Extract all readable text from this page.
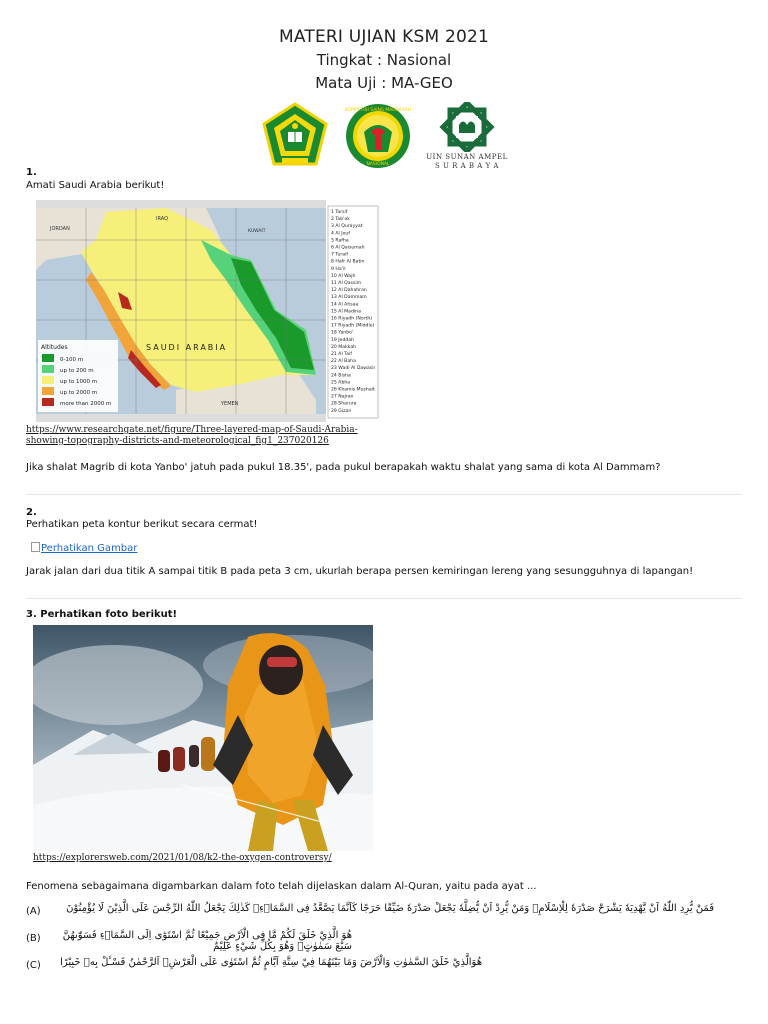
MATERI UJIAN KSM 2021
Tingkat : Nasional
Mata Uji : MA-GEO
KOMPETISI SAINS MADRASAH
NASIONAL
UIN SUNAN AMPEL
S U R A B A Y A
1.
Amati Saudi Arabia berikut!
SAUDI ARABIA
JORDAN
YEMEN
IRAQ
KUWAIT
Altitudes
0-100 m
up to 200 m
up to 1000 m
up to 2000 m
more than 2000 m
1 Tarsif
2 Tab'ak
3 Al Qurayyat
4 Al Jouf
5 Rafha
6 Al Qaisumah
7 Turaif
8 Hafr Al Batin
9 Ha'il
10 Al Wajh
11 Al Qassim
12 Al Dahahran
13 Al Dammam
14 Al Ahsaa
15 Al Madina
16 Riyadh (North)
17 Riyadh (Middle)
18 Yanbo'
19 Jeddah
20 Makkah
21 Al Taif
22 Al Baha
23 Wadi Al Dawasir
24 Bisha
25 Abha
26 Khamis Mushait
27 Najran
28 Sharura
29 Gizan
https://www.researchgate.net/figure/Three-layered-map-of-Saudi-Arabia-
showing-topography-districts-and-meteorological_fig1_237020126
Jika shalat Magrib di kota Yanbo' jatuh pada pukul 18.35', pada pukul berapakah waktu shalat yang sama di kota Al Dammam?
2.
Perhatikan peta kontur berikut secara cermat!
Perhatikan Gambar
Jarak jalan dari dua titik A sampai titik B pada peta 3 cm, ukurlah berapa persen kemiringan lereng yang sesungguhnya di lapangan!
3. Perhatikan foto berikut!
https://explorersweb.com/2021/01/08/k2-the-oxygen-controversy/
Fenomena sebagaimana digambarkan dalam foto telah dijelaskan dalam Al-Quran, yaitu pada ayat ...
(A)	فَمَنْ يُّرِدِ اللّٰهُ اَنْ يَّهْدِيَهٗ يَشْرَحْ صَدْرَهٗ لِلْاِسْلَامِۚ وَمَنْ يُّرِدْ اَنْ يُّضِلَّهٗ يَجْعَلْ صَدْرَهٗ ضَيِّقًا حَرَجًا كَاَنَّمَا يَصَّعَّدُ فِى السَّمَاۤءِۗ كَذٰلِكَ يَجْعَلُ اللّٰهُ الرِّجْسَ عَلَى الَّذِيْنَ لَا يُؤْمِنُوْنَ
(B)	هُوَ الَّذِيْ خَلَقَ لَكُمْ مَّا فِى الْاَرْضِ جَمِيْعًا ثُمَّ اسْتَوٰٓى اِلَى السَّمَاۤءِ فَسَوّٰىهُنَّ سَبْعَ سَمٰوٰتٍۗ وَهُوَ بِكُلِّ شَيْءٍ عَلِيْمٌ
(C)	هُوَالَّذِيْ خَلَقَ السَّمٰوٰتِ وَالْاَرْضَ وَمَا بَيْنَهُمَا فِيْ سِتَّةِ اَيَّامٍ ثُمَّ اسْتَوٰى عَلَى الْعَرْشِۚ اَلرَّحْمٰنُ فَسْـَٔلْ بِهٖ خَبِيْرًا
